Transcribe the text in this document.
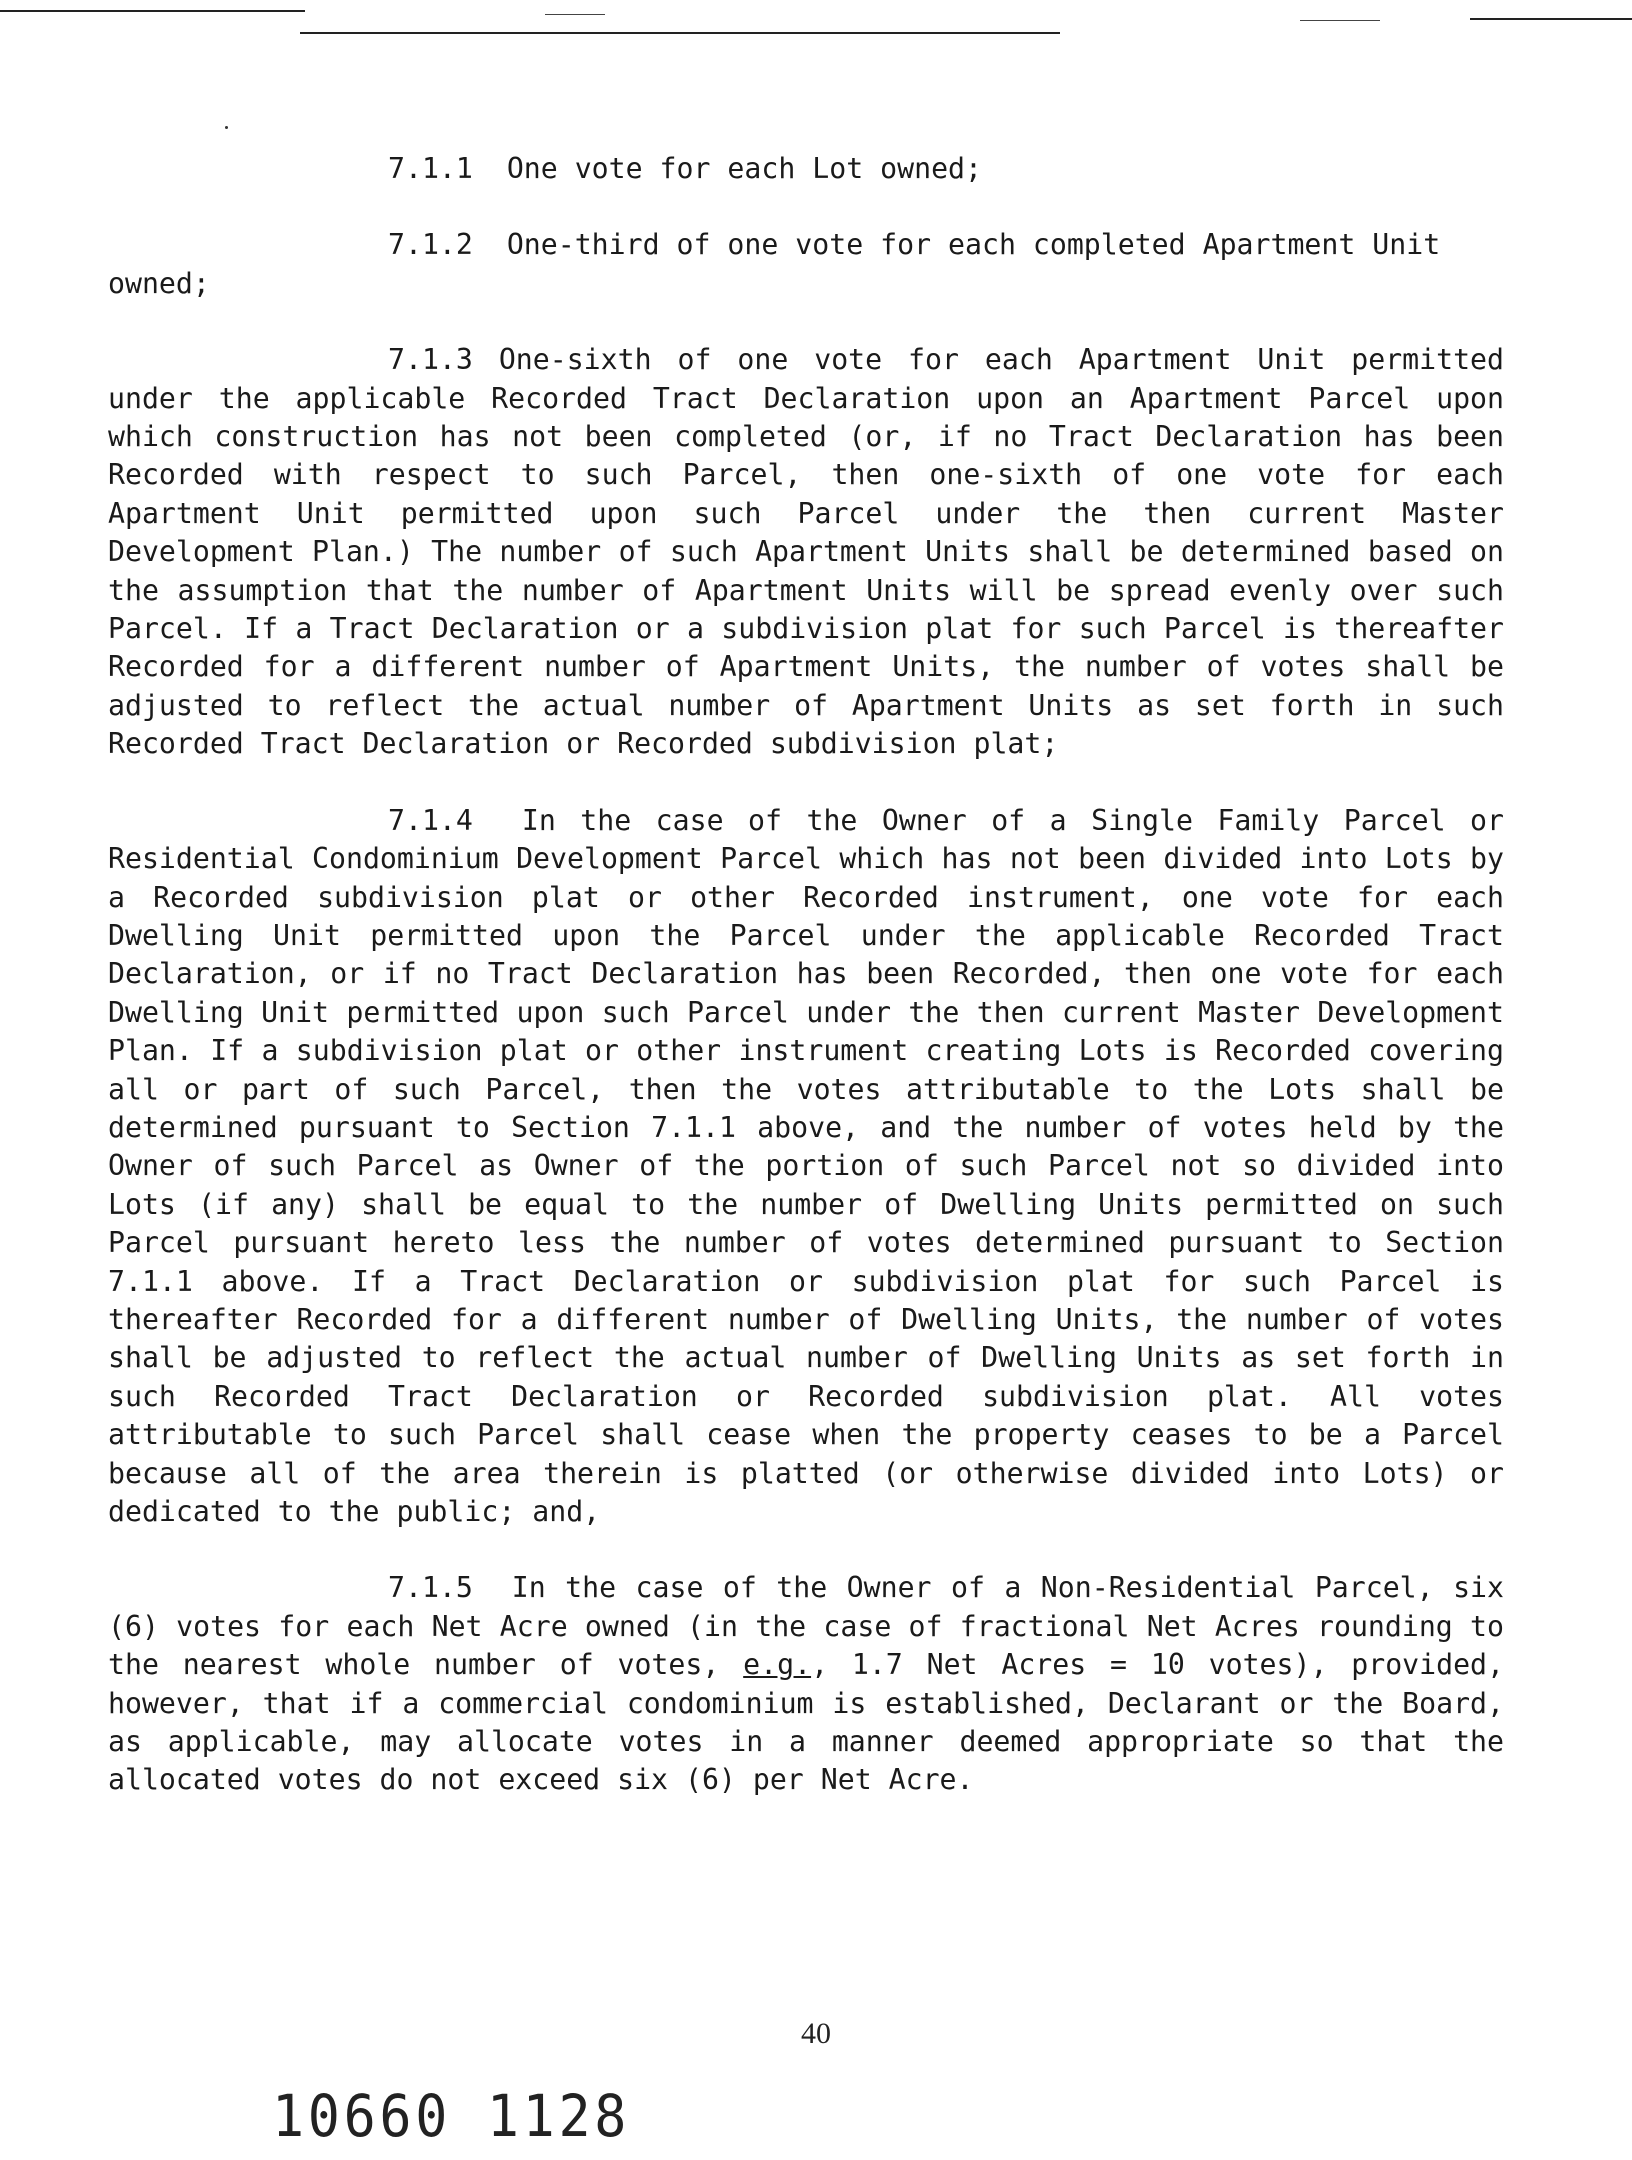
7.1.1 One vote for each Lot owned;

7.1.2 One-third of one vote for each completed Apartment Unit owned;

7.1.3 One-sixth of one vote for each Apartment Unit permitted under the applicable Recorded Tract Declaration upon an Apartment Parcel upon which construction has not been completed (or, if no Tract Declaration has been Recorded with respect to such Parcel, then one-sixth of one vote for each Apartment Unit permitted upon such Parcel under the then current Master Development Plan.) The number of such Apartment Units shall be determined based on the assumption that the number of Apartment Units will be spread evenly over such Parcel. If a Tract Declaration or a subdivision plat for such Parcel is thereafter Recorded for a different number of Apartment Units, the number of votes shall be adjusted to reflect the actual number of Apartment Units as set forth in such Recorded Tract Declaration or Recorded subdivision plat;

7.1.4 In the case of the Owner of a Single Family Parcel or Residential Condominium Development Parcel which has not been divided into Lots by a Recorded subdivision plat or other Recorded instrument, one vote for each Dwelling Unit permitted upon the Parcel under the applicable Recorded Tract Declaration, or if no Tract Declaration has been Recorded, then one vote for each Dwelling Unit permitted upon such Parcel under the then current Master Development Plan. If a subdivision plat or other instrument creating Lots is Recorded covering all or part of such Parcel, then the votes attributable to the Lots shall be determined pursuant to Section 7.1.1 above, and the number of votes held by the Owner of such Parcel as Owner of the portion of such Parcel not so divided into Lots (if any) shall be equal to the number of Dwelling Units permitted on such Parcel pursuant hereto less the number of votes determined pursuant to Section 7.1.1 above. If a Tract Declaration or subdivision plat for such Parcel is thereafter Recorded for a different number of Dwelling Units, the number of votes shall be adjusted to reflect the actual number of Dwelling Units as set forth in such Recorded Tract Declaration or Recorded subdivision plat. All votes attributable to such Parcel shall cease when the property ceases to be a Parcel because all of the area therein is platted (or otherwise divided into Lots) or dedicated to the public; and,

7.1.5 In the case of the Owner of a Non-Residential Parcel, six (6) votes for each Net Acre owned (in the case of fractional Net Acres rounding to the nearest whole number of votes, e.g., 1.7 Net Acres = 10 votes), provided, however, that if a commercial condominium is established, Declarant or the Board, as applicable, may allocate votes in a manner deemed appropriate so that the allocated votes do not exceed six (6) per Net Acre.

40
10660 1128
